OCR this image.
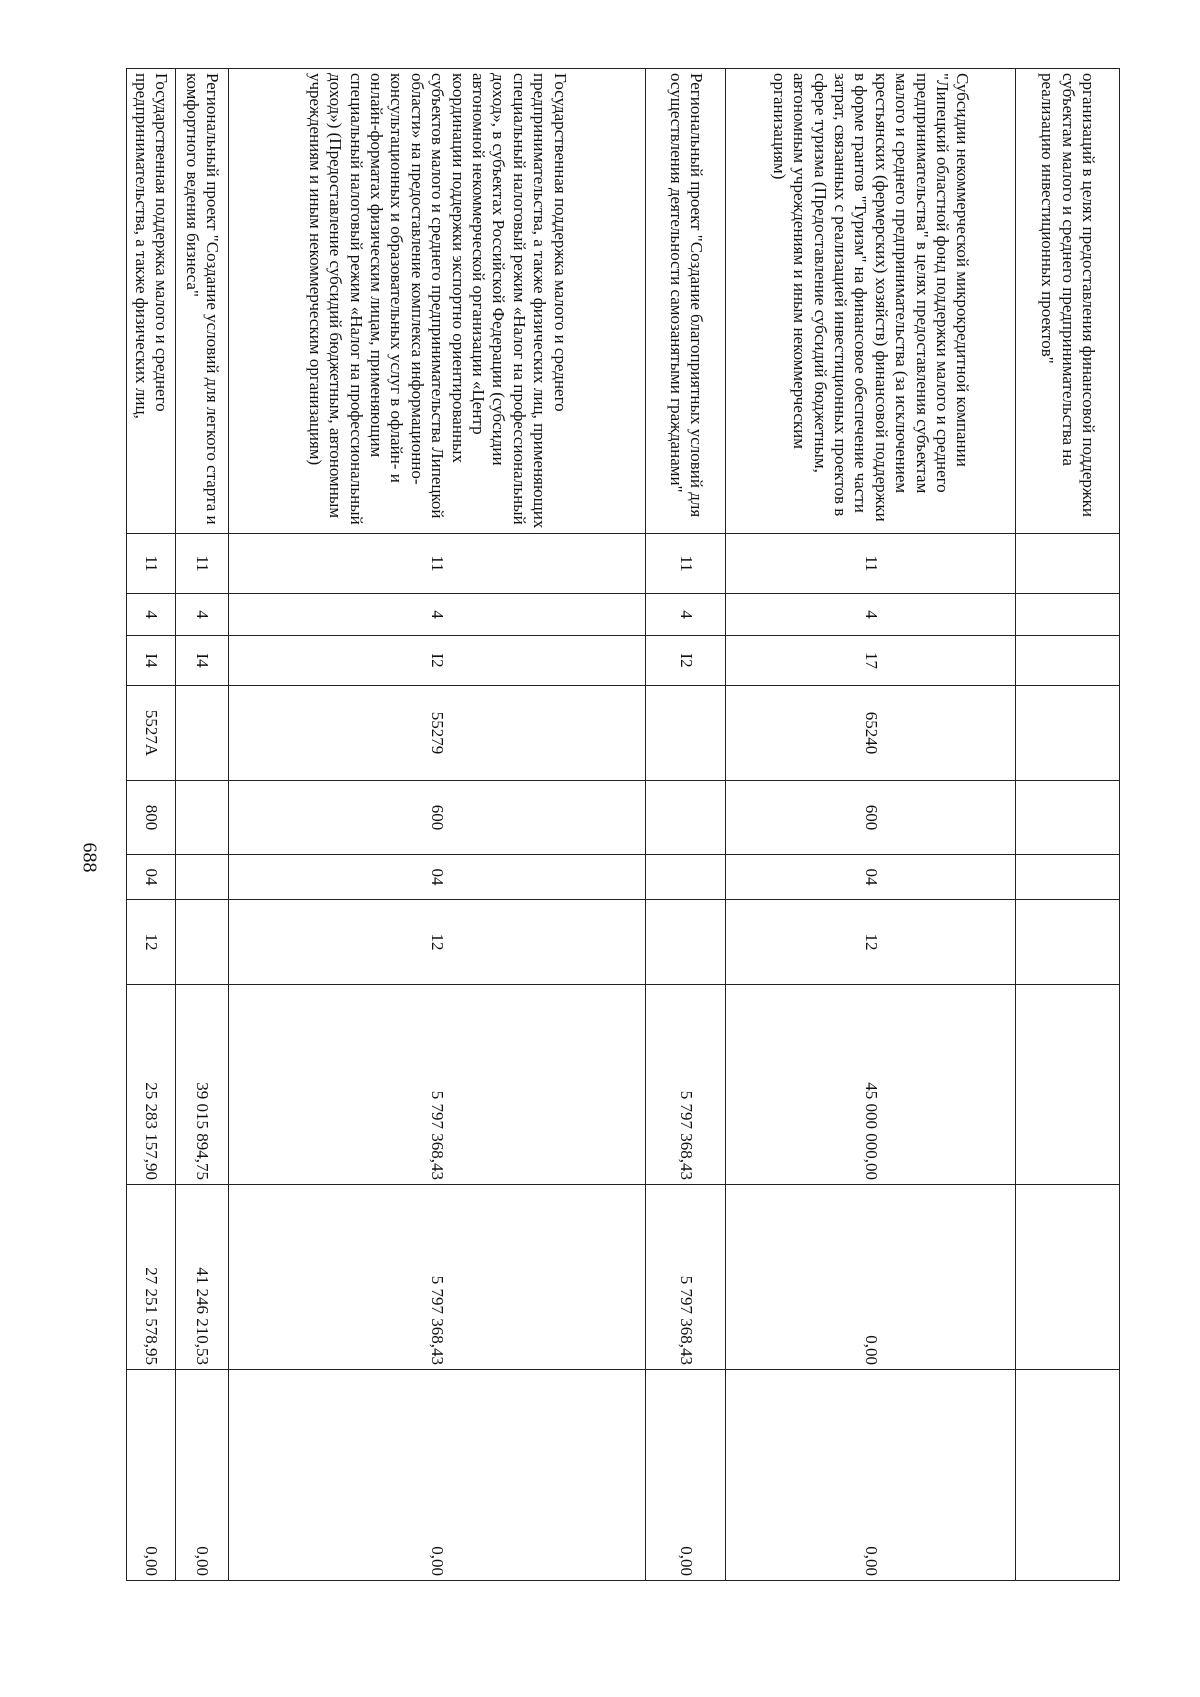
688
организаций в целях предоставления финансовой поддержки субъектам малого и среднего предпринимательства на реализацию инвестиционных проектов"										
Субсидии некоммерческой микрокредитной компании "Липецкий областной фонд поддержки малого и среднего предпринимательства" в целях предоставления субъектам малого и среднего предпринимательства (за исключением крестьянских (фермерских) хозяйств) финансовой поддержки в форме грантов "Туризм" на финансовое обеспечение части затрат, связанных с реализацией инвестиционных проектов в сфере туризма (Предоставление субсидий бюджетным, автономным учреждениям и иным некоммерческим организациям)	11	4	17	65240	600	04	12	45 000 000,00	0,00	0,00
Региональный проект "Создание благоприятных условий для осуществления деятельности самозанятыми гражданами"	11	4	I2					5 797 368,43	5 797 368,43	0,00
Государственная поддержка малого и среднего предпринимательства, а также физических лиц, применяющих специальный налоговый режим «Налог на профессиональный доход», в субъектах Российской Федерации (субсидии автономной некоммерческой организации «Центр координации поддержки экспортно ориентированных субъектов малого и среднего предпринимательства Липецкой области» на предоставление комплекса информационно-консультационных и образовательных услуг в офлайн- и онлайн-форматах физическим лицам, применяющим специальный налоговый режим «Налог на профессиональный доход») (Предоставление субсидий бюджетным, автономным учреждениям и иным некоммерческим организациям)	11	4	I2	55279	600	04	12	5 797 368,43	5 797 368,43	0,00
Региональный проект "Создание условий для легкого старта и комфортного ведения бизнеса"	11	4	I4					39 015 894,75	41 246 210,53	0,00
Государственная поддержка малого и среднего предпринимательства, а также физических лиц,	11	4	I4	5527A	800	04	12	25 283 157,90	27 251 578,95	0,00
